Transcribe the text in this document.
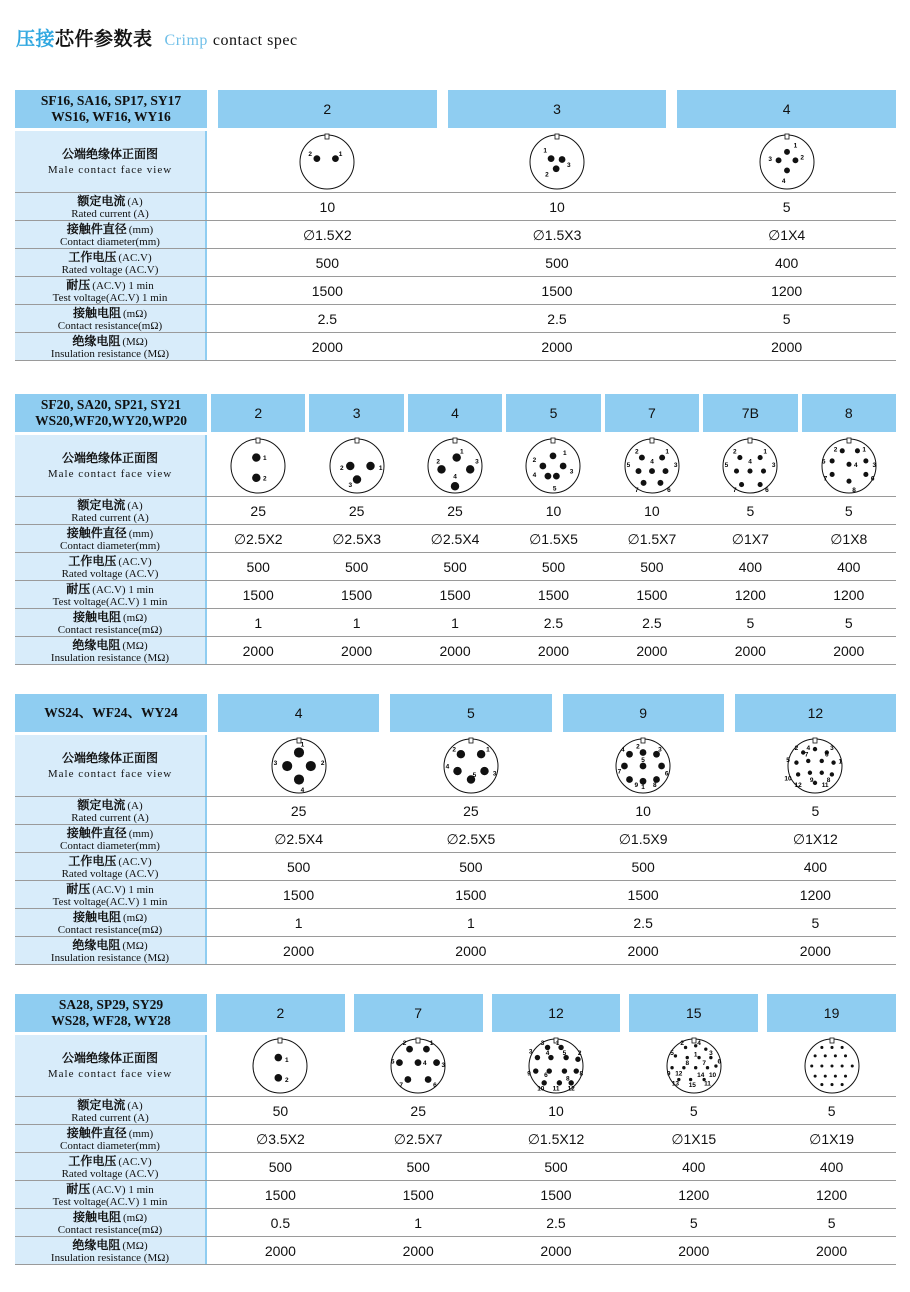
压接芯件参数表 Crimp contact spec
SF16, SA16, SP17, SY17
WS16, WF16, WY16	2	3	4
公端绝缘体正面图
Male contact face view
2	1	1
3
2
1
3	2
4
额定电流 (A)
Rated current (A)	10	10	5
接触件直径 (mm)
Contact diameter(mm)	∅1.5X2	∅1.5X3	∅1X4
工作电压 (AC.V)
Rated voltage (AC.V)	500	500	400
耐压 (AC.V) 1 min
Test voltage(AC.V) 1 min	1500	1500	1200
接触电阻 (mΩ)
Contact resistance(mΩ)	2.5	2.5	5
绝缘电阻 (MΩ)
Insulation resistance (MΩ)	2000	2000	2000
SF20, SA20, SP21, SY21
WS20,WF20,WY20,WP20	2	3	4	5	7	7B	8
公端绝缘体正面图
Male contact face view
1
2
2	1
3
1
2	3
4
1
2
3
4
5
2	1
5	4	3
7	6
2	1
5	4	3
7	6
2	1
5	3
4
7	6
8
额定电流 (A)
Rated current (A)	25	25	25	10	10	5	5
接触件直径 (mm)
Contact diameter(mm)	∅2.5X2	∅2.5X3	∅2.5X4	∅1.5X5	∅1.5X7	∅1X7	∅1X8
工作电压 (AC.V)
Rated voltage (AC.V)	500	500	500	500	500	400	400
耐压 (AC.V) 1 min
Test voltage(AC.V) 1 min	1500	1500	1500	1500	1500	1200	1200
接触电阻 (mΩ)
Contact resistance(mΩ)	1	1	1	2.5	2.5	5	5
绝缘电阻 (MΩ)
Insulation resistance (MΩ)	2000	2000	2000	2000	2000	2000	2000
WS24、WF24、WY24	4	5	9	12
公端绝缘体正面图
Male contact face view
1
3	2
4
2	1
4
3
5
4 2	3
7
5
6
9 8
1
2 4	3
5
7	6
1
10	9 8
12	11
额定电流 (A)
Rated current (A)	25	25	10	5
接触件直径 (mm)
Contact diameter(mm)	∅2.5X4	∅2.5X5	∅1.5X9	∅1X12
工作电压 (AC.V)
Rated voltage (AC.V)	500	500	500	400
耐压 (AC.V) 1 min
Test voltage(AC.V) 1 min	1500	1500	1500	1200
接触电阻 (mΩ)
Contact resistance(mΩ)	1	1	2.5	5
绝缘电阻 (MΩ)
Insulation resistance (MΩ)	2000	2000	2000	2000
SA28, SP29, SY29
WS28, WF28, WY28	2	7	12	15	19
公端绝缘体正面图
Male contact face view
1
2
2	1
5	4 3
7	6
3 1
3 4 5 2
9 6	8
8
10 11 12
2 4
5	3
8 7 6
9 12 14
13
10
15 11
1
额定电流 (A)
Rated current (A)	50	25	10	5	5
接触件直径 (mm)
Contact diameter(mm)	∅3.5X2	∅2.5X7	∅1.5X12	∅1X15	∅1X19
工作电压 (AC.V)
Rated voltage (AC.V)	500	500	500	400	400
耐压 (AC.V) 1 min
Test voltage(AC.V) 1 min	1500	1500	1500	1200	1200
接触电阻 (mΩ)
Contact resistance(mΩ)	0.5	1	2.5	5	5
绝缘电阻 (MΩ)
Insulation resistance (MΩ)	2000	2000	2000	2000	2000
